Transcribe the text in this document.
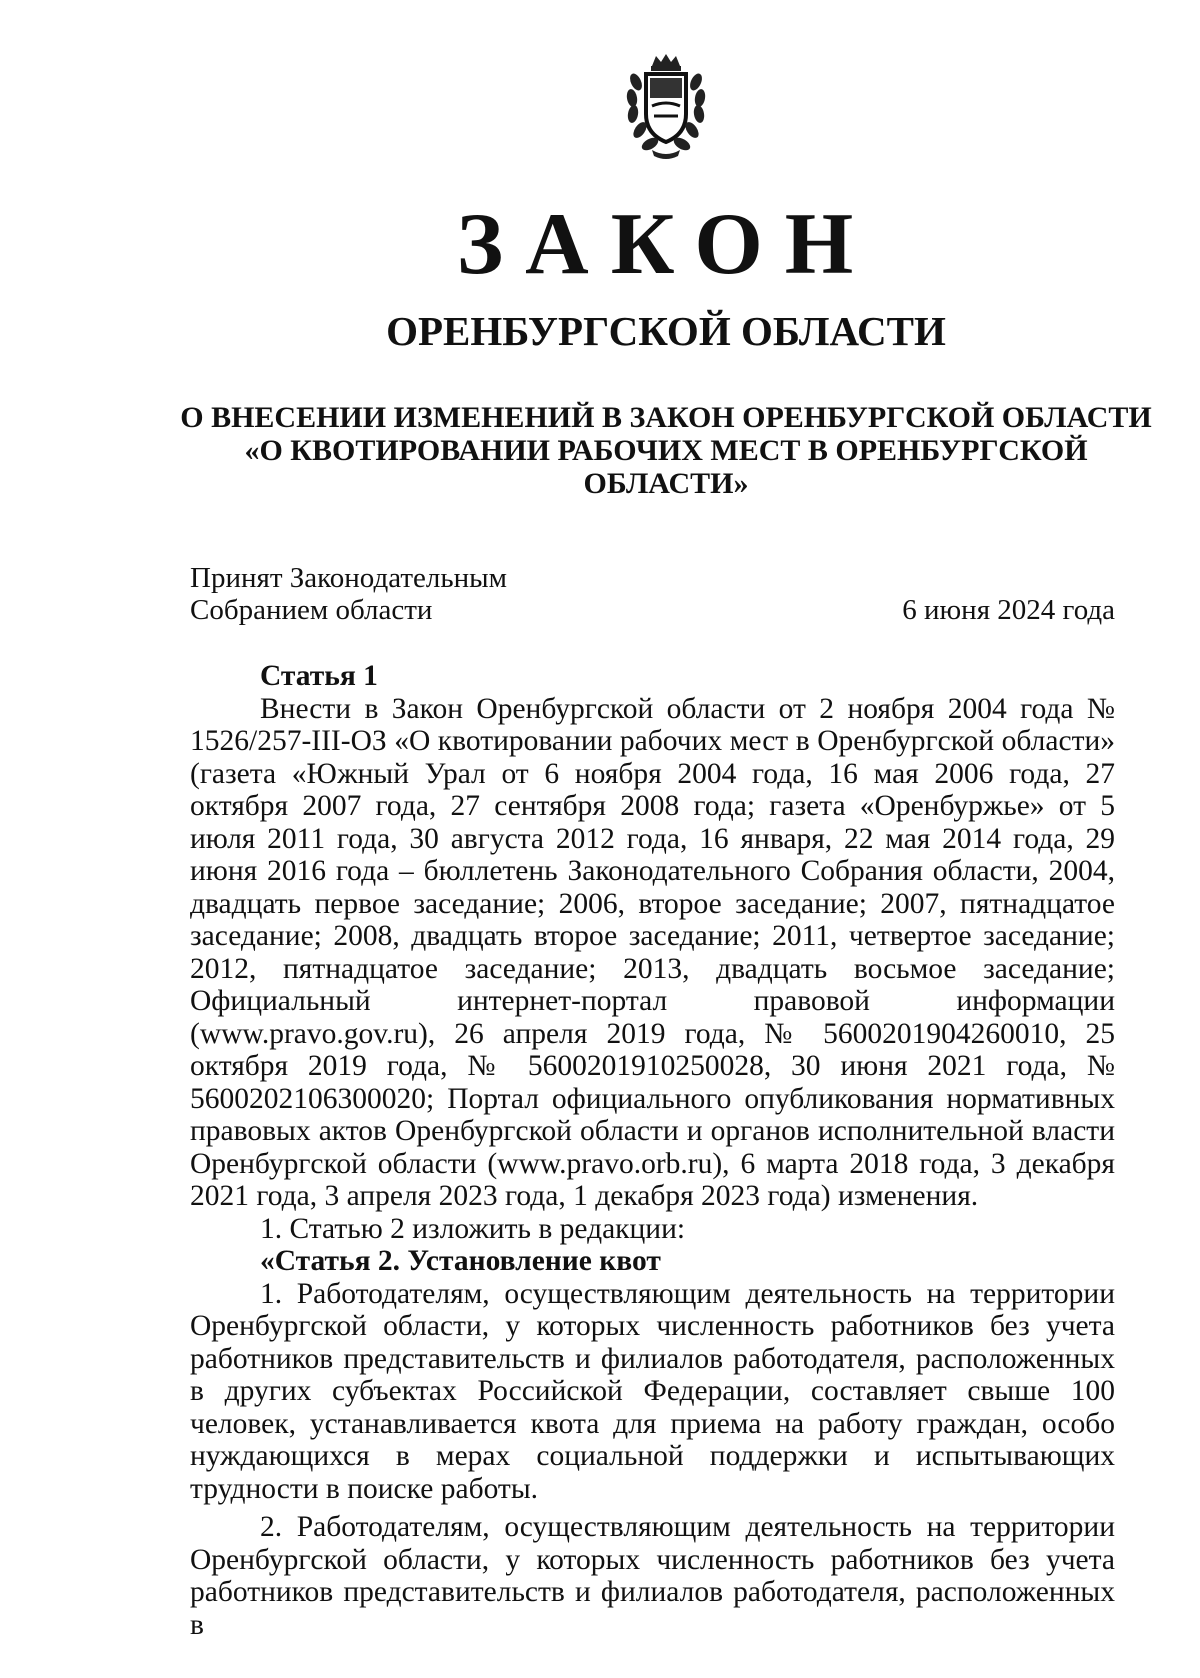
ЗАКОН
ОРЕНБУРГСКОЙ ОБЛАСТИ
О ВНЕСЕНИИ ИЗМЕНЕНИЙ В ЗАКОН ОРЕНБУРГСКОЙ ОБЛАСТИ
«О КВОТИРОВАНИИ РАБОЧИХ МЕСТ В ОРЕНБУРГСКОЙ
ОБЛАСТИ»
Принят Законодательным
Собранием области	6 июня 2024 года
Статья 1

Внести в Закон Оренбургской области от 2 ноября 2004 года № 1526/257-III-ОЗ «О квотировании рабочих мест в Оренбургской области» (газета «Южный Урал от 6 ноября 2004 года, 16 мая 2006 года, 27 октября 2007 года, 27 сентября 2008 года; газета «Оренбуржье» от 5 июля 2011 года, 30 августа 2012 года, 16 января, 22 мая 2014 года, 29 июня 2016 года – бюллетень Законодательного Собрания области, 2004, двадцать первое заседание; 2006, второе заседание; 2007, пятнадцатое заседание; 2008, двадцать второе заседание; 2011, четвертое заседание; 2012, пятнадцатое заседание; 2013, двадцать восьмое заседание; Официальный интернет-портал правовой информации (www.pravo.gov.ru), 26 апреля 2019 года, № 5600201904260010, 25 октября 2019 года, № 5600201910250028, 30 июня 2021 года, № 5600202106300020; Портал официального опубликования нормативных правовых актов Оренбургской области и органов исполнительной власти Оренбургской области (www.pravo.orb.ru), 6 марта 2018 года, 3 декабря 2021 года, 3 апреля 2023 года, 1 декабря 2023 года) изменения.

1. Статью 2 изложить в редакции:

«Статья 2. Установление квот

1. Работодателям, осуществляющим деятельность на территории Оренбургской области, у которых численность работников без учета работников представительств и филиалов работодателя, расположенных в других субъектах Российской Федерации, составляет свыше 100 человек, устанавливается квота для приема на работу граждан, особо нуждающихся в мерах социальной поддержки и испытывающих трудности в поиске работы.

2. Работодателям, осуществляющим деятельность на территории Оренбургской области, у которых численность работников без учета работников представительств и филиалов работодателя, расположенных в
